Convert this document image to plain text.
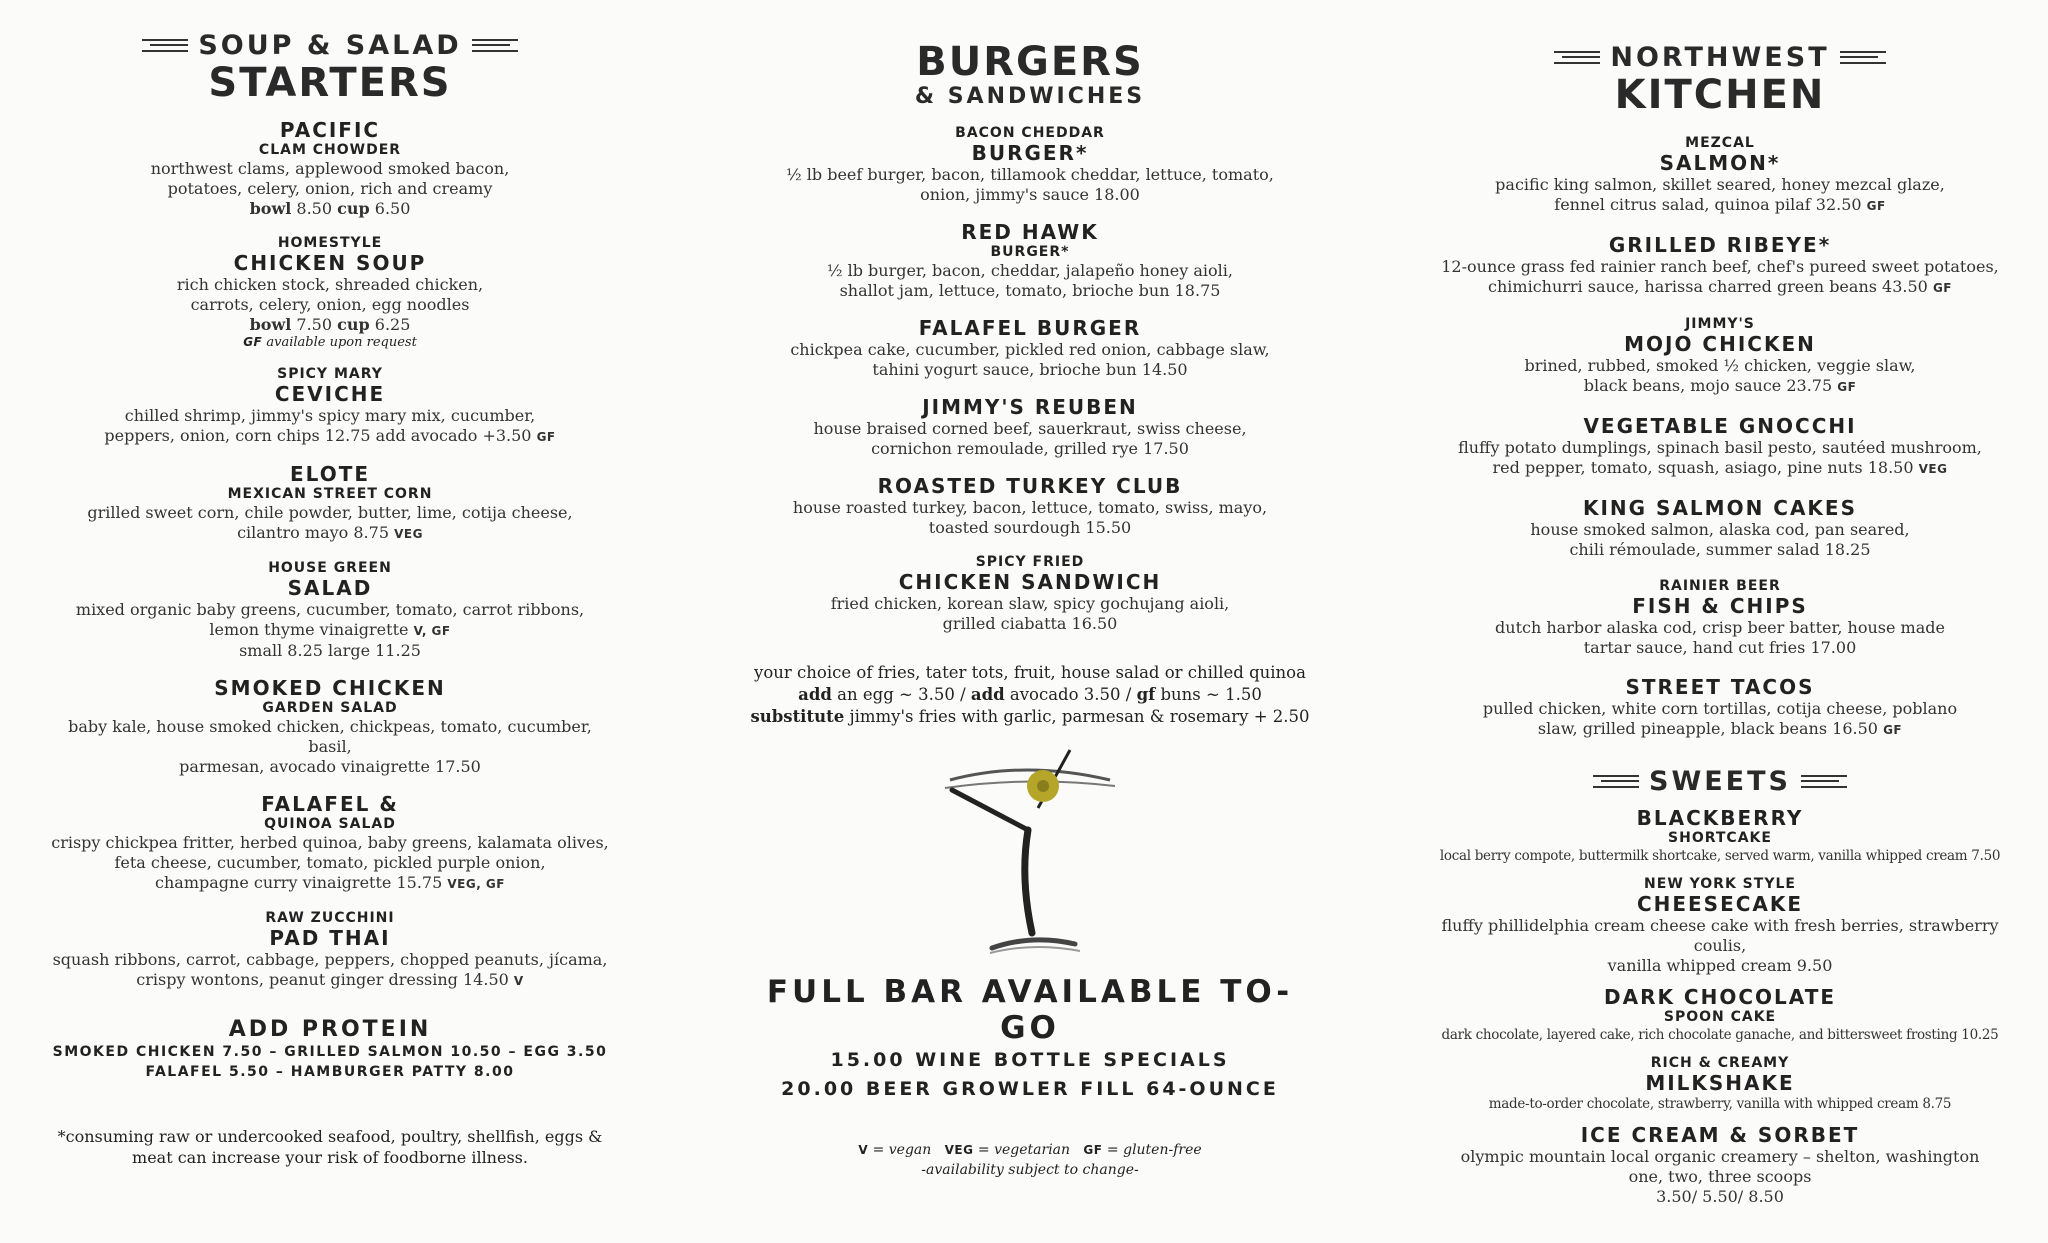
SOUP & SALAD
STARTERS
PACIFIC
CLAM CHOWDER
northwest clams, applewood smoked bacon,
potatoes, celery, onion, rich and creamy
bowl 8.50 cup 6.50
HOMESTYLE
CHICKEN SOUP
rich chicken stock, shreaded chicken,
carrots, celery, onion, egg noodles
bowl 7.50 cup 6.25
GF available upon request
SPICY MARY
CEVICHE
chilled shrimp, jimmy's spicy mary mix, cucumber,
peppers, onion, corn chips 12.75 add avocado +3.50 GF
ELOTE
MEXICAN STREET CORN
grilled sweet corn, chile powder, butter, lime, cotija cheese,
cilantro mayo 8.75 VEG
HOUSE GREEN
SALAD
mixed organic baby greens, cucumber, tomato, carrot ribbons,
lemon thyme vinaigrette V, GF
small 8.25 large 11.25
SMOKED CHICKEN
GARDEN SALAD
baby kale, house smoked chicken, chickpeas, tomato, cucumber, basil,
parmesan, avocado vinaigrette 17.50
FALAFEL &
QUINOA SALAD
crispy chickpea fritter, herbed quinoa, baby greens, kalamata olives,
feta cheese, cucumber, tomato, pickled purple onion,
champagne curry vinaigrette 15.75 VEG, GF
RAW ZUCCHINI
PAD THAI
squash ribbons, carrot, cabbage, peppers, chopped peanuts, jícama,
crispy wontons, peanut ginger dressing 14.50 V
ADD PROTEIN
SMOKED CHICKEN 7.50 – GRILLED SALMON 10.50 – EGG 3.50
FALAFEL 5.50 – HAMBURGER PATTY 8.00
*consuming raw or undercooked seafood, poultry, shellfish, eggs &
meat can increase your risk of foodborne illness.
BURGERS
& SANDWICHES
BACON CHEDDAR
BURGER*
½ lb beef burger, bacon, tillamook cheddar, lettuce, tomato,
onion, jimmy's sauce 18.00
RED HAWK
BURGER*
½ lb burger, bacon, cheddar, jalapeño honey aioli,
shallot jam, lettuce, tomato, brioche bun 18.75
FALAFEL BURGER
chickpea cake, cucumber, pickled red onion, cabbage slaw,
tahini yogurt sauce, brioche bun 14.50
JIMMY'S REUBEN
house braised corned beef, sauerkraut, swiss cheese,
cornichon remoulade, grilled rye 17.50
ROASTED TURKEY CLUB
house roasted turkey, bacon, lettuce, tomato, swiss, mayo,
toasted sourdough 15.50
SPICY FRIED
CHICKEN SANDWICH
fried chicken, korean slaw, spicy gochujang aioli,
grilled ciabatta 16.50
your choice of fries, tater tots, fruit, house salad or chilled quinoa
add an egg ~ 3.50 / add avocado 3.50 / gf buns ~ 1.50
substitute jimmy's fries with garlic, parmesan & rosemary + 2.50
FULL BAR AVAILABLE TO-GO
15.00 WINE BOTTLE SPECIALS
20.00 BEER GROWLER FILL 64-OUNCE
V = vegan VEG = vegetarian GF = gluten-free
-availability subject to change-
NORTHWEST
KITCHEN
MEZCAL
SALMON*
pacific king salmon, skillet seared, honey mezcal glaze,
fennel citrus salad, quinoa pilaf 32.50 GF
GRILLED RIBEYE*
12-ounce grass fed rainier ranch beef, chef's pureed sweet potatoes,
chimichurri sauce, harissa charred green beans 43.50 GF
JIMMY'S
MOJO CHICKEN
brined, rubbed, smoked ½ chicken, veggie slaw,
black beans, mojo sauce 23.75 GF
VEGETABLE GNOCCHI
fluffy potato dumplings, spinach basil pesto, sautéed mushroom,
red pepper, tomato, squash, asiago, pine nuts 18.50 VEG
KING SALMON CAKES
house smoked salmon, alaska cod, pan seared,
chili rémoulade, summer salad 18.25
RAINIER BEER
FISH & CHIPS
dutch harbor alaska cod, crisp beer batter, house made
tartar sauce, hand cut fries 17.00
STREET TACOS
pulled chicken, white corn tortillas, cotija cheese, poblano
slaw, grilled pineapple, black beans 16.50 GF
SWEETS
BLACKBERRY
SHORTCAKE
local berry compote, buttermilk shortcake, served warm, vanilla whipped cream 7.50
NEW YORK STYLE
CHEESECAKE
fluffy phillidelphia cream cheese cake with fresh berries, strawberry coulis,
vanilla whipped cream 9.50
DARK CHOCOLATE
SPOON CAKE
dark chocolate, layered cake, rich chocolate ganache, and bittersweet frosting 10.25
RICH & CREAMY
MILKSHAKE
made-to-order chocolate, strawberry, vanilla with whipped cream 8.75
ICE CREAM & SORBET
olympic mountain local organic creamery – shelton, washington
one, two, three scoops
3.50/ 5.50/ 8.50
